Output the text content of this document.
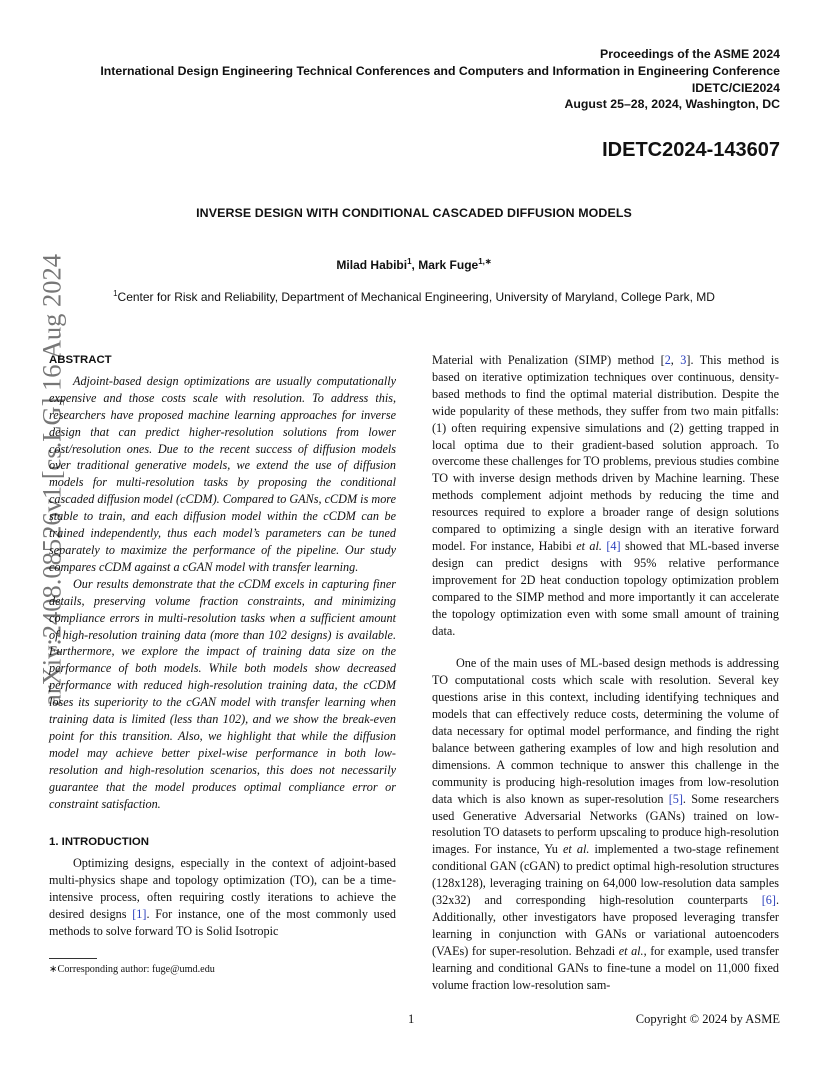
Proceedings of the ASME 2024
International Design Engineering Technical Conferences and Computers and Information in Engineering Conference
IDETC/CIE2024
August 25–28, 2024, Washington, DC
IDETC2024-143607
INVERSE DESIGN WITH CONDITIONAL CASCADED DIFFUSION MODELS
Milad Habibi$^1$, Mark Fuge$^{1,∗}$
$^1$Center for Risk and Reliability, Department of Mechanical Engineering, University of Maryland, College Park, MD
arXiv:2408.08526v1 [cs.LG] 16 Aug 2024

ABSTRACT

Adjoint-based design optimizations are usually computationally expensive and those costs scale with resolution. To address this, researchers have proposed machine learning approaches for inverse design that can predict higher-resolution solutions from lower cost/resolution ones. Due to the recent success of diffusion models over traditional generative models, we extend the use of diffusion models for multi-resolution tasks by proposing the conditional cascaded diffusion model (cCDM). Compared to GANs, cCDM is more stable to train, and each diffusion model within the cCDM can be trained independently, thus each model’s parameters can be tuned separately to maximize the performance of the pipeline. Our study compares cCDM against a cGAN model with transfer learning.

Our results demonstrate that the cCDM excels in capturing finer details, preserving volume fraction constraints, and minimizing compliance errors in multi-resolution tasks when a sufficient amount of high-resolution training data (more than 102 designs) is available. Furthermore, we explore the impact of training data size on the performance of both models. While both models show decreased performance with reduced high-resolution training data, the cCDM loses its superiority to the cGAN model with transfer learning when training data is limited (less than 102), and we show the break-even point for this transition. Also, we highlight that while the diffusion model may achieve better pixel-wise performance in both low-resolution and high-resolution scenarios, this does not necessarily guarantee that the model produces optimal compliance error or constraint satisfaction.

1. INTRODUCTION

Optimizing designs, especially in the context of adjoint-based multi-physics shape and topology optimization (TO), can be a time-intensive process, often requiring costly iterations to achieve the desired designs [1]. For instance, one of the most commonly used methods to solve forward TO is Solid Isotropic

Material with Penalization (SIMP) method [2, 3]. This method is based on iterative optimization techniques over continuous, density-based methods to find the optimal material distribution. Despite the wide popularity of these methods, they suffer from two main pitfalls: (1) often requiring expensive simulations and (2) getting trapped in local optima due to their gradient-based solution approach. To overcome these challenges for TO problems, previous studies combine TO with inverse design methods driven by Machine learning. These methods complement adjoint methods by reducing the time and resources required to explore a broader range of design solutions compared to optimizing a single design with an iterative forward model. For instance, Habibi et al. [4] showed that ML-based inverse design can predict designs with 95% relative performance improvement for 2D heat conduction topology optimization problem compared to the SIMP method and more importantly it can accelerate the topology optimization even with some small amount of training data.

One of the main uses of ML-based design methods is addressing TO computational costs which scale with resolution. Several key questions arise in this context, including identifying techniques and models that can effectively reduce costs, determining the volume of data necessary for optimal model performance, and finding the right balance between gathering examples of low and high resolution and dimensions. A common technique to answer this challenge in the community is producing high-resolution images from low-resolution data which is also known as super-resolution [5]. Some researchers used Generative Adversarial Networks (GANs) trained on low-resolution TO datasets to perform upscaling to produce high-resolution images. For instance, Yu et al. implemented a two-stage refinement conditional GAN (cGAN) to predict optimal high-resolution structures (128x128), leveraging training on 64,000 low-resolution data samples (32x32) and corresponding high-resolution counterparts [6]. Additionally, other investigators have proposed leveraging transfer learning in conjunction with GANs or variational autoencoders (VAEs) for super-resolution. Behzadi et al., for example, used transfer learning and conditional GANs to fine-tune a model on 11,000 fixed volume fraction low-resolution sam-

∗Corresponding author: fuge@umd.edu
1	Copyright © 2024 by ASME
